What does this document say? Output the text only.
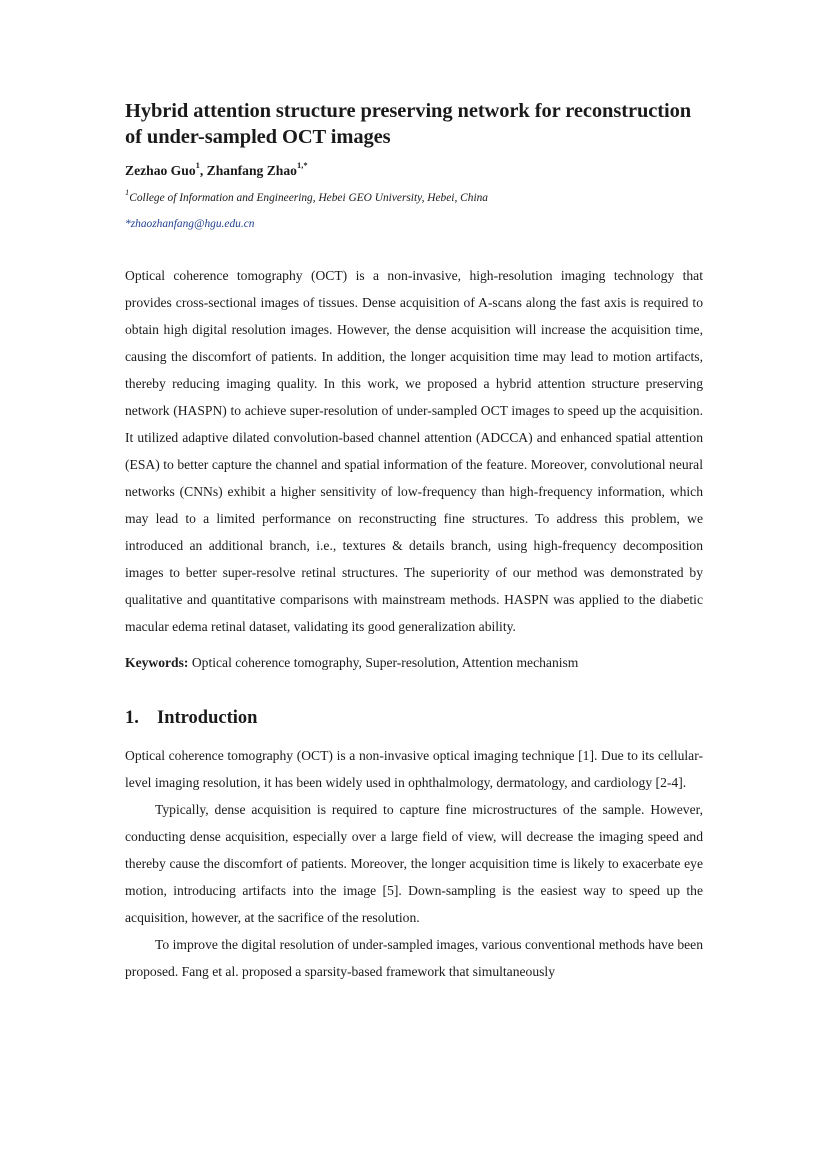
Hybrid attention structure preserving network for reconstruction of under-sampled OCT images
Zezhao Guo$^1$, Zhanfang Zhao$^{1,*}$

$^1$College of Information and Engineering, Hebei GEO University, Hebei, China

*zhaozhanfang@hgu.edu.cn

Optical coherence tomography (OCT) is a non-invasive, high-resolution imaging technology that provides cross-sectional images of tissues. Dense acquisition of A-scans along the fast axis is required to obtain high digital resolution images. However, the dense acquisition will increase the acquisition time, causing the discomfort of patients. In addition, the longer acquisition time may lead to motion artifacts, thereby reducing imaging quality. In this work, we proposed a hybrid attention structure preserving network (HASPN) to achieve super-resolution of under-sampled OCT images to speed up the acquisition. It utilized adaptive dilated convolution-based channel attention (ADCCA) and enhanced spatial attention (ESA) to better capture the channel and spatial information of the feature. Moreover, convolutional neural networks (CNNs) exhibit a higher sensitivity of low-frequency than high-frequency information, which may lead to a limited performance on reconstructing fine structures. To address this problem, we introduced an additional branch, i.e., textures & details branch, using high-frequency decomposition images to better super-resolve retinal structures. The superiority of our method was demonstrated by qualitative and quantitative comparisons with mainstream methods. HASPN was applied to the diabetic macular edema retinal dataset, validating its good generalization ability.

Keywords: Optical coherence tomography, Super-resolution, Attention mechanism

1. Introduction

Optical coherence tomography (OCT) is a non-invasive optical imaging technique [1]. Due to its cellular-level imaging resolution, it has been widely used in ophthalmology, dermatology, and cardiology [2-4].

Typically, dense acquisition is required to capture fine microstructures of the sample. However, conducting dense acquisition, especially over a large field of view, will decrease the imaging speed and thereby cause the discomfort of patients. Moreover, the longer acquisition time is likely to exacerbate eye motion, introducing artifacts into the image [5]. Down-sampling is the easiest way to speed up the acquisition, however, at the sacrifice of the resolution.

To improve the digital resolution of under-sampled images, various conventional methods have been proposed. Fang et al. proposed a sparsity-based framework that simultaneously
